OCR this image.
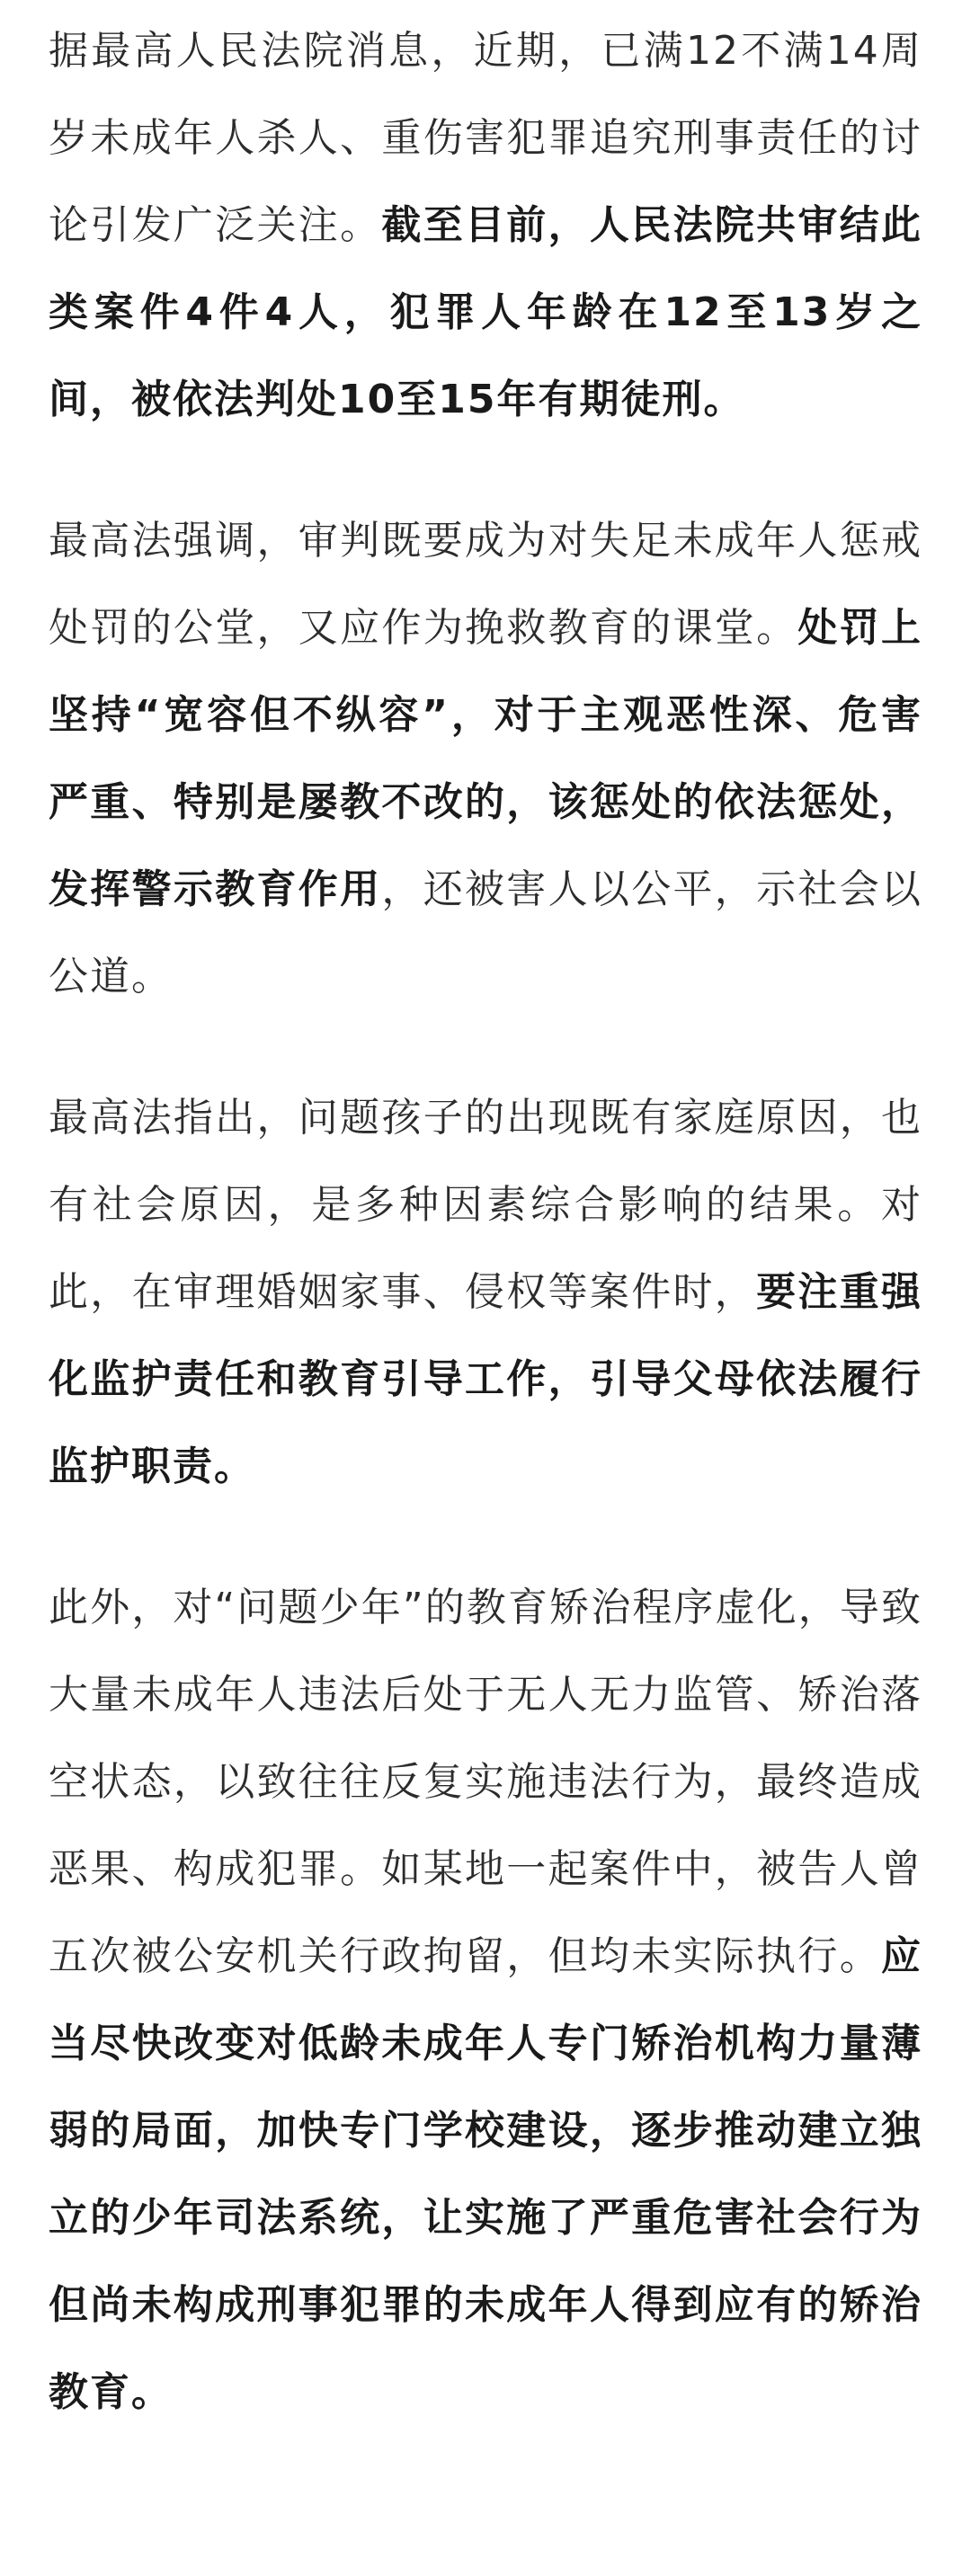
据最高人民法院消息，近期，已满12不满14周岁未成年人杀人、重伤害犯罪追究刑事责任的讨论引发广泛关注。截至目前，人民法院共审结此类案件4件4人，犯罪人年龄在12至13岁之间，被依法判处10至15年有期徒刑。

最高法强调，审判既要成为对失足未成年人惩戒处罚的公堂，又应作为挽救教育的课堂。处罚上坚持“宽容但不纵容”，对于主观恶性深、危害严重、特别是屡教不改的，该惩处的依法惩处，发挥警示教育作用，还被害人以公平，示社会以公道。

最高法指出，问题孩子的出现既有家庭原因，也有社会原因，是多种因素综合影响的结果。对此，在审理婚姻家事、侵权等案件时，要注重强化监护责任和教育引导工作，引导父母依法履行监护职责。

此外，对“问题少年”的教育矫治程序虚化，导致大量未成年人违法后处于无人无力监管、矫治落空状态，以致往往反复实施违法行为，最终造成恶果、构成犯罪。如某地一起案件中，被告人曾五次被公安机关行政拘留，但均未实际执行。应当尽快改变对低龄未成年人专门矫治机构力量薄弱的局面，加快专门学校建设，逐步推动建立独立的少年司法系统，让实施了严重危害社会行为但尚未构成刑事犯罪的未成年人得到应有的矫治教育。
